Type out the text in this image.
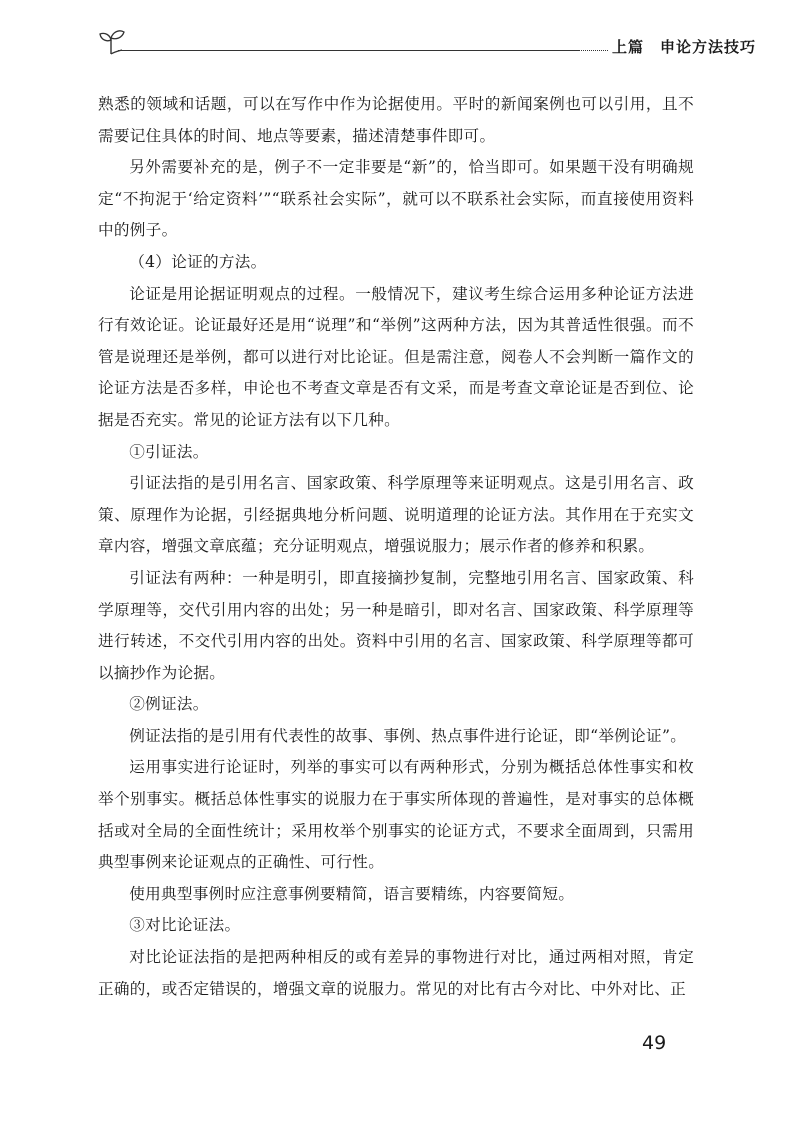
上篇　申论方法技巧

熟悉的领域和话题，可以在写作中作为论据使用。平时的新闻案例也可以引用，且不需要记住具体的时间、地点等要素，描述清楚事件即可。

另外需要补充的是，例子不一定非要是“新”的，恰当即可。如果题干没有明确规定“不拘泥于‘给定资料’”“联系社会实际”，就可以不联系社会实际，而直接使用资料中的例子。

（4）论证的方法。

论证是用论据证明观点的过程。一般情况下，建议考生综合运用多种论证方法进行有效论证。论证最好还是用“说理”和“举例”这两种方法，因为其普适性很强。而不管是说理还是举例，都可以进行对比论证。但是需注意，阅卷人不会判断一篇作文的论证方法是否多样，申论也不考查文章是否有文采，而是考查文章论证是否到位、论据是否充实。常见的论证方法有以下几种。

①引证法。

引证法指的是引用名言、国家政策、科学原理等来证明观点。这是引用名言、政策、原理作为论据，引经据典地分析问题、说明道理的论证方法。其作用在于充实文章内容，增强文章底蕴；充分证明观点，增强说服力；展示作者的修养和积累。

引证法有两种：一种是明引，即直接摘抄复制，完整地引用名言、国家政策、科学原理等，交代引用内容的出处；另一种是暗引，即对名言、国家政策、科学原理等进行转述，不交代引用内容的出处。资料中引用的名言、国家政策、科学原理等都可以摘抄作为论据。

②例证法。

例证法指的是引用有代表性的故事、事例、热点事件进行论证，即“举例论证”。

运用事实进行论证时，列举的事实可以有两种形式，分别为概括总体性事实和枚举个别事实。概括总体性事实的说服力在于事实所体现的普遍性，是对事实的总体概括或对全局的全面性统计；采用枚举个别事实的论证方式，不要求全面周到，只需用典型事例来论证观点的正确性、可行性。

使用典型事例时应注意事例要精简，语言要精练，内容要简短。

③对比论证法。

对比论证法指的是把两种相反的或有差异的事物进行对比，通过两相对照，肯定正确的，或否定错误的，增强文章的说服力。常见的对比有古今对比、中外对比、正

49
